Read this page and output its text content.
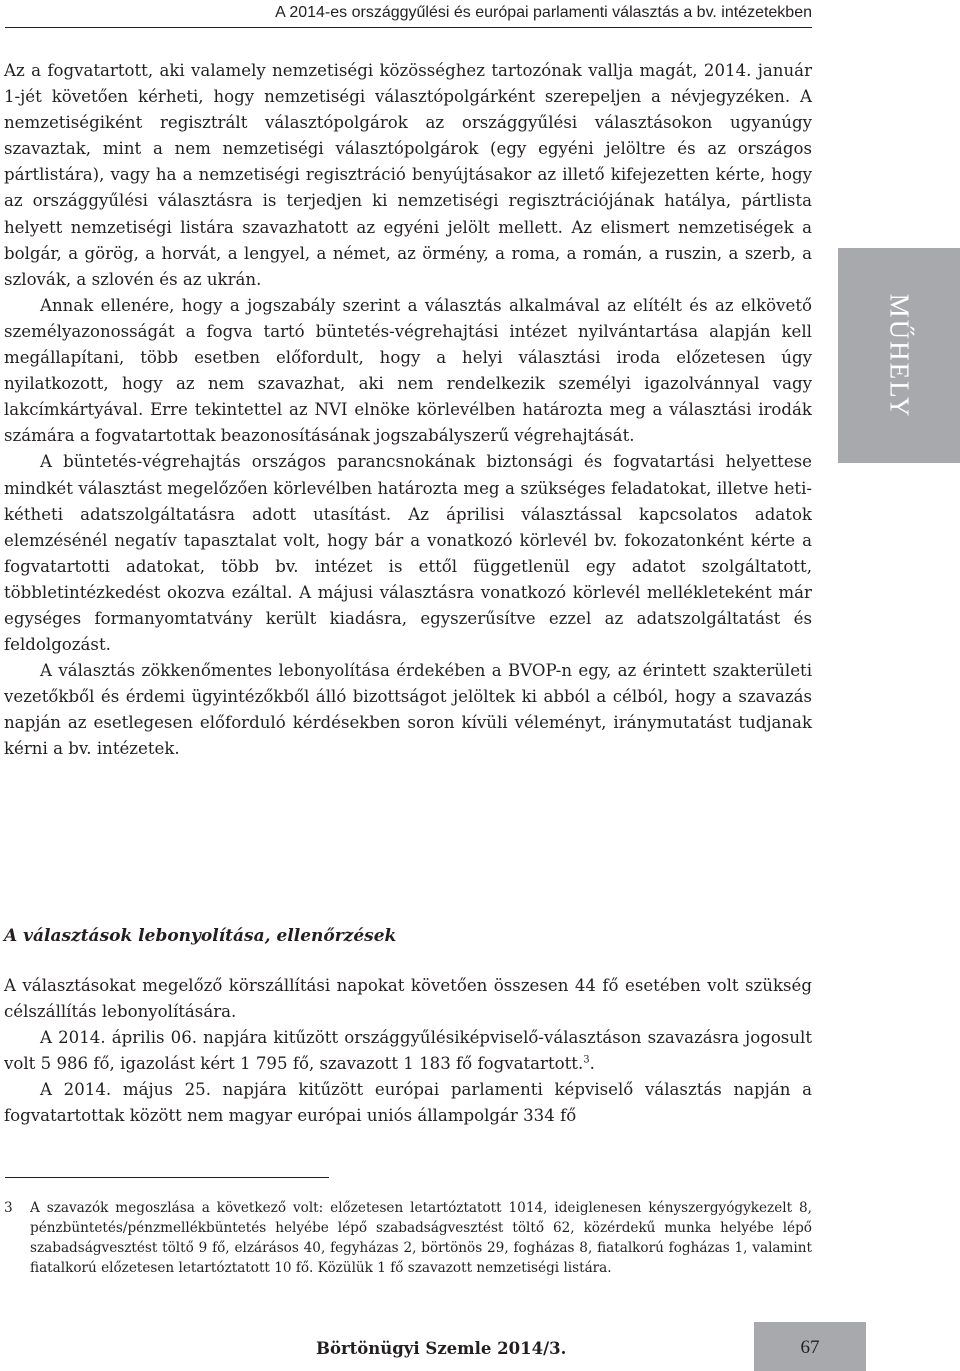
A 2014-es országgyűlési és európai parlamenti választás a bv. intézetekben

Az a fogvatartott, aki valamely nemzetiségi közösséghez tartozónak vallja magát, 2014. január 1-jét követően kérheti, hogy nemzetiségi választópolgárként szerepeljen a névjegyzéken. A nemzetiségiként regisztrált választópolgárok az országgyűlési választásokon ugyanúgy szavaztak, mint a nem nemzetiségi választópolgárok (egy egyéni jelöltre és az országos pártlistára), vagy ha a nemzetiségi regisztráció benyújtásakor az illető kifejezetten kérte, hogy az országgyűlési választásra is terjedjen ki nemzetiségi regisztrációjának hatálya, pártlista helyett nemzetiségi listára szavazhatott az egyéni jelölt mellett. Az elismert nemzetiségek a bolgár, a görög, a horvát, a lengyel, a német, az örmény, a roma, a román, a ruszin, a szerb, a szlovák, a szlovén és az ukrán.

Annak ellenére, hogy a jogszabály szerint a választás alkalmával az elítélt és az elkövető személyazonosságát a fogva tartó büntetés-végrehajtási intézet nyilvántartása alapján kell megállapítani, több esetben előfordult, hogy a helyi választási iroda előzetesen úgy nyilatkozott, hogy az nem szavazhat, aki nem rendelkezik személyi igazolvánnyal vagy lakcímkártyával. Erre tekintettel az NVI elnöke körlevélben határozta meg a választási irodák számára a fogvatartottak beazonosításának jogszabályszerű végrehajtását.

A büntetés-végrehajtás országos parancsnokának biztonsági és fogvatartási helyettese mindkét választást megelőzően körlevélben határozta meg a szükséges feladatokat, illetve heti-kétheti adatszolgáltatásra adott utasítást. Az áprilisi választással kapcsolatos adatok elemzésénél negatív tapasztalat volt, hogy bár a vonatkozó körlevél bv. fokozatonként kérte a fogvatartotti adatokat, több bv. intézet is ettől függetlenül egy adatot szolgáltatott, többletintézkedést okozva ezáltal. A májusi választásra vonatkozó körlevél mellékleteként már egységes formanyomtatvány került kiadásra, egyszerűsítve ezzel az adatszolgáltatást és feldolgozást.

A választás zökkenőmentes lebonyolítása érdekében a BVOP-n egy, az érintett szakterületi vezetőkből és érdemi ügyintézőkből álló bizottságot jelöltek ki abból a célból, hogy a szavazás napján az esetlegesen előforduló kérdésekben soron kívüli véleményt, iránymutatást tudjanak kérni a bv. intézetek.

MŰHELY
A választások lebonyolítása, ellenőrzések

A választásokat megelőző körszállítási napokat követően összesen 44 fő esetében volt szükség célszállítás lebonyolítására.

A 2014. április 06. napjára kitűzött országgyűlésiképviselő-választáson szavazásra jogosult volt 5 986 fő, igazolást kért 1 795 fő, szavazott 1 183 fő fogvatartott.$^3$.

A 2014. május 25. napjára kitűzött európai parlamenti képviselő választás napján a fogvatartottak között nem magyar európai uniós állampolgár 334 fő

3 A szavazók megoszlása a következő volt: előzetesen letartóztatott 1014, ideiglenesen kényszergyógykezelt 8, pénzbüntetés/pénzmellékbüntetés helyébe lépő szabadságvesztést töltő 62, közérdekű munka helyébe lépő szabadságvesztést töltő 9 fő, elzárásos 40, fegyházas 2, börtönös 29, fogházas 8, fiatalkorú fogházas 1, valamint fiatalkorú előzetesen letartóztatott 10 fő. Közülük 1 fő szavazott nemzetiségi listára.
Börtönügyi Szemle 2014/3.	67
